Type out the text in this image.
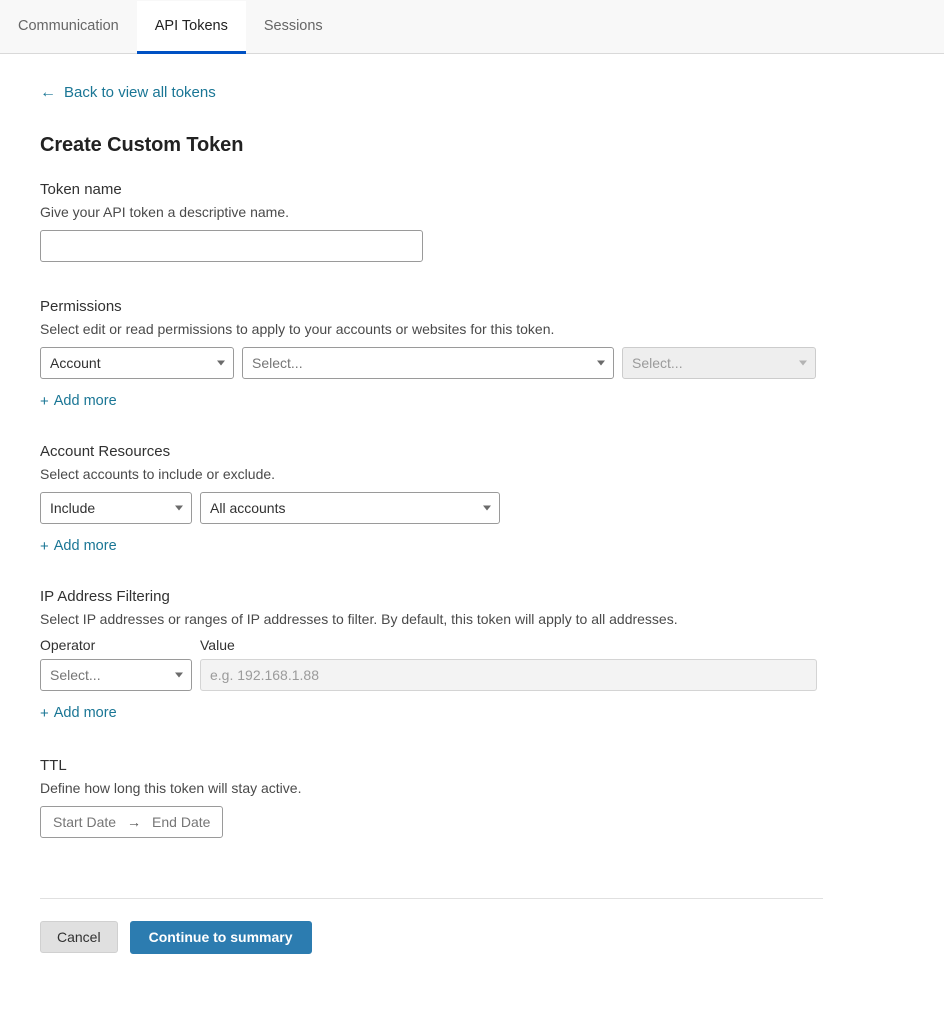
Communication API Tokens Sessions
← Back to view all tokens
Create Custom Token
Token name
Give your API token a descriptive name.
Permissions
Select edit or read permissions to apply to your accounts or websites for this token.
Account	Select...	Select...
+ Add more
Account Resources
Select accounts to include or exclude.
Include	All accounts
+ Add more
IP Address Filtering
Select IP addresses or ranges of IP addresses to filter. By default, this token will apply to all addresses.
Operator
Select...
Value
e.g. 192.168.1.88
+ Add more
TTL
Define how long this token will stay active.
Start Date → End Date
Cancel	Continue to summary
